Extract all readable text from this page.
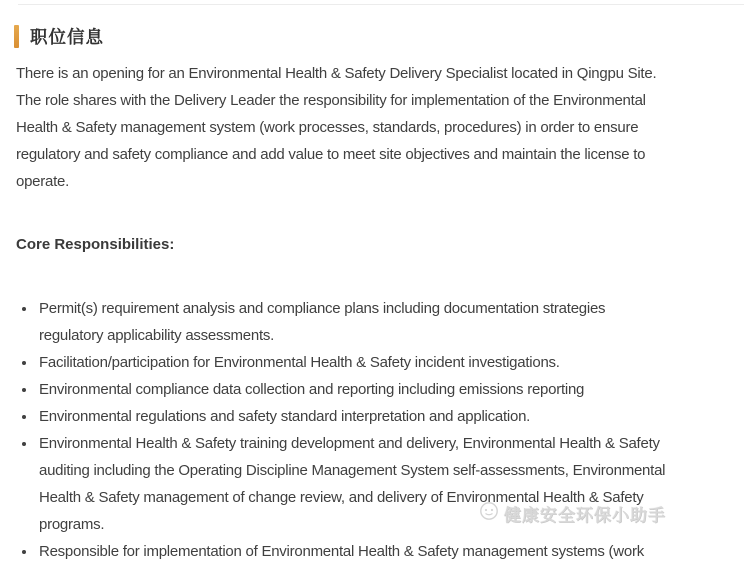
职位信息

There is an opening for an Environmental Health & Safety Delivery Specialist located in Qingpu Site. The role shares with the Delivery Leader the responsibility for implementation of the Environmental Health & Safety management system (work processes, standards, procedures) in order to ensure regulatory and safety compliance and add value to meet site objectives and maintain the license to operate.

Core Responsibilities:

• Permit(s) requirement analysis and compliance plans including documentation strategies regulatory applicability assessments.
• Facilitation/participation for Environmental Health & Safety incident investigations.
• Environmental compliance data collection and reporting including emissions reporting
• Environmental regulations and safety standard interpretation and application.
• Environmental Health & Safety training development and delivery, Environmental Health & Safety auditing including the Operating Discipline Management System self-assessments, Environmental Health & Safety management of change review, and delivery of Environmental Health & Safety programs.
• Responsible for implementation of Environmental Health & Safety management systems (work
健康安全环保小助手
